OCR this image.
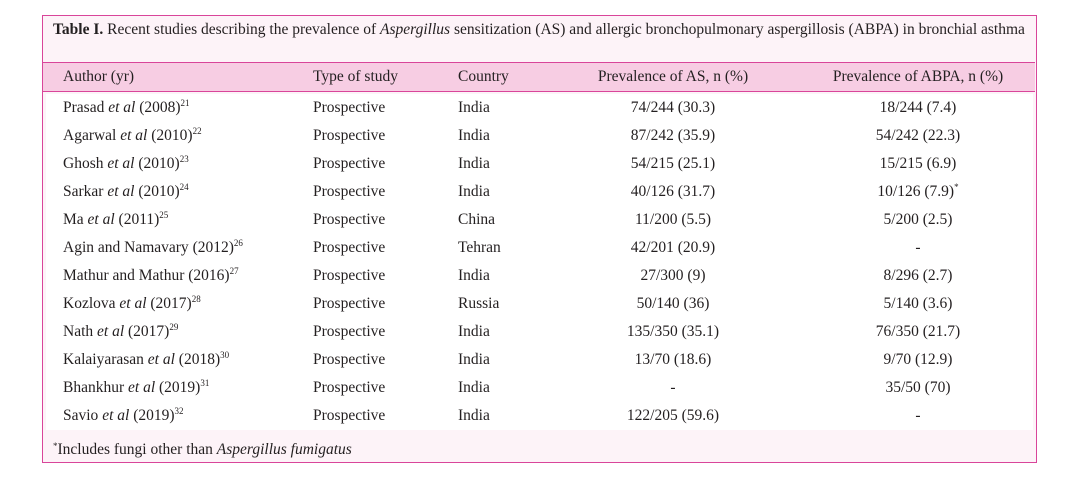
Table I. Recent studies describing the prevalence of Aspergillus sensitization (AS) and allergic bronchopulmonary aspergillosis (ABPA) in bronchial asthma
Author (yr)	Type of study	Country	Prevalence of AS, n (%)	Prevalence of ABPA, n (%)
Prasad et al $(2008)^{21}$	Prospective	India	74/244 (30.3)	18/244 (7.4)
Agarwal et al $(2010)^{22}$	Prospective	India	87/242 (35.9)	54/242 (22.3)
Ghosh et al $(2010)^{23}$	Prospective	India	54/215 (25.1)	15/215 (6.9)
Sarkar et al $(2010)^{24}$	Prospective	India	40/126 (31.7)	10/126 (7.9)*
Ma et al $(2011)^{25}$	Prospective	China	11/200 (5.5)	5/200 (2.5)
Agin and Namavary $(2012)^{26}$	Prospective	Tehran	42/201 (20.9)	-
Mathur and Mathur $(2016)^{27}$	Prospective	India	27/300 (9)	8/296 (2.7)
Kozlova et al $(2017)^{28}$	Prospective	Russia	50/140 (36)	5/140 (3.6)
Nath et al $(2017)^{29}$	Prospective	India	135/350 (35.1)	76/350 (21.7)
Kalaiyarasan et al $(2018)^{30}$	Prospective	India	13/70 (18.6)	9/70 (12.9)
Bhankhur et al $(2019)^{31}$	Prospective	India	-	35/50 (70)
Savio et al $(2019)^{32}$	Prospective	India	122/205 (59.6)	-
*Includes fungi other than Aspergillus fumigatus
